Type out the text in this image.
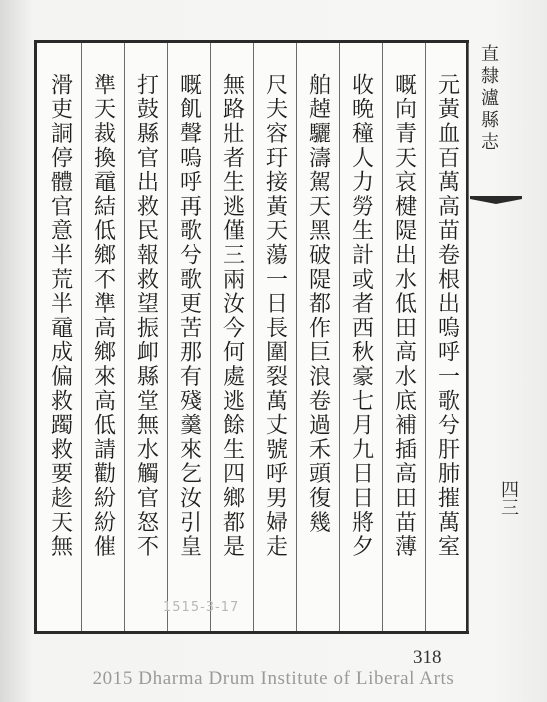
元黃血百萬高苗卷根出嗚呼一歌兮肝肺摧萬室
嘅向青天哀楗隄出水低田高水底補插高田苗薄
收晩穜人力勞生計或者西秋豪七月九日日將夕
舶趠驪濤駕天黑破隄都作巨浪卷過禾頭復幾
尺夫容玗接黃天蕩一日長圍裂萬丈號呼男婦走
無路壯者生逃僅三兩汝今何處逃餘生四鄉都是
嘅飢聲嗚呼再歌兮歌更苦那有殘羹來乞汝引皇
打鼓縣官出救民報救望振卹縣堂無水觸官怒不
準天裁換黿結低鄉不準高鄉來高低請勸紛紛催
滑吏詷停體官意半荒半黿成偏救躅救要趁天無	直隸瀘縣志
四三
1515-3-17
318
2015 Dharma Drum Institute of Liberal Arts
